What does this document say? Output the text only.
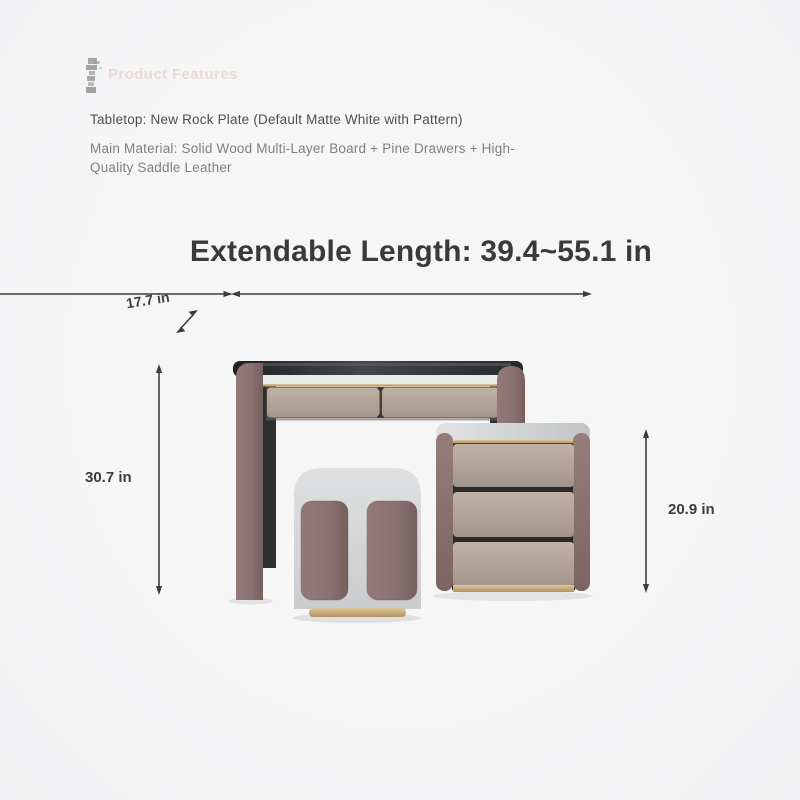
Product Features
Tabletop: New Rock Plate (Default Matte White with Pattern)
Main Material: Solid Wood Multi-Layer Board + Pine Drawers + High-Quality Saddle Leather
Extendable Length: 39.4~55.1 in
17.7 in
30.7 in
20.9 in
